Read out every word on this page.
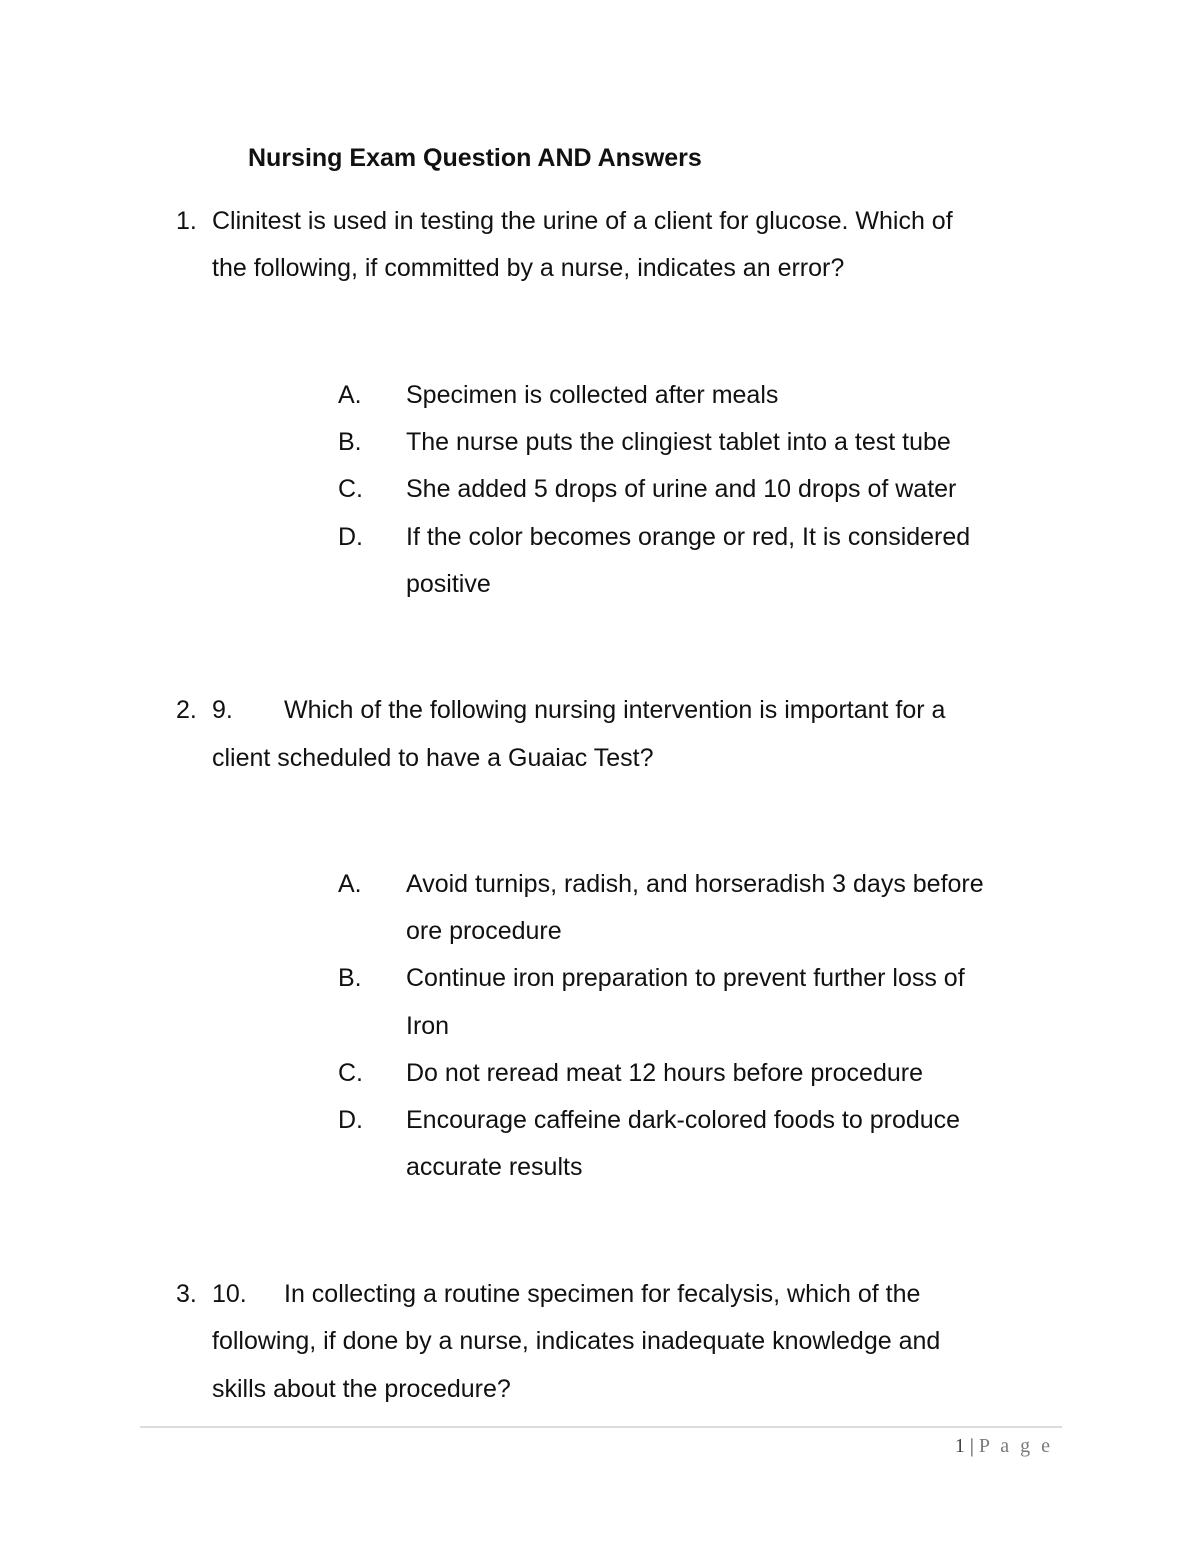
Nursing Exam Question AND Answers
1. Clinitest is used in testing the urine of a client for glucose. Which of
the following, if committed by a nurse, indicates an error?
A. Specimen is collected after meals
B. The nurse puts the clingiest tablet into a test tube
C. She added 5 drops of urine and 10 drops of water
D. If the color becomes orange or red, It is considered
positive
2. 9. Which of the following nursing intervention is important for a
client scheduled to have a Guaiac Test?
A. Avoid turnips, radish, and horseradish 3 days before
ore procedure
B. Continue iron preparation to prevent further loss of
Iron
C. Do not reread meat 12 hours before procedure
D. Encourage caffeine dark-colored foods to produce
accurate results
3. 10. In collecting a routine specimen for fecalysis, which of the
following, if done by a nurse, indicates inadequate knowledge and
skills about the procedure?
1 | P a g e
